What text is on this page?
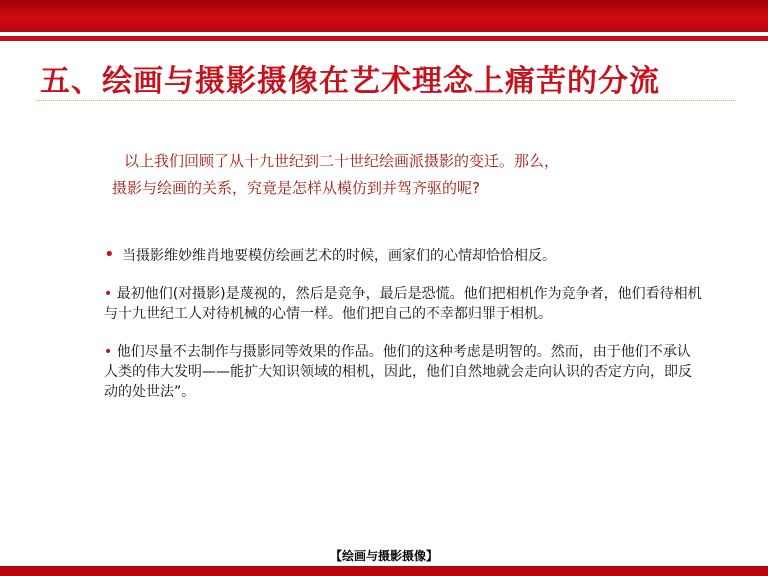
五、绘画与摄影摄像在艺术理念上痛苦的分流

以上我们回顾了从十九世纪到二十世纪绘画派摄影的变迁。那么，

摄影与绘画的关系，究竟是怎样从模仿到并驾齐驱的呢?

• 当摄影维妙维肖地要模仿绘画艺术的时候，画家们的心情却恰恰相反。

• 最初他们(对摄影)是蔑视的，然后是竞争，最后是恐慌。他们把相机作为竞争者，他们看待相机与十九世纪工人对待机械的心情一样。他们把自己的不幸都归罪于相机。

• 他们尽量不去制作与摄影同等效果的作品。他们的这种考虑是明智的。然而，由于他们不承认人类的伟大发明——能扩大知识领域的相机，因此，他们自然地就会走向认识的否定方向，即反动的处世法”。

【绘画与摄影摄像】
